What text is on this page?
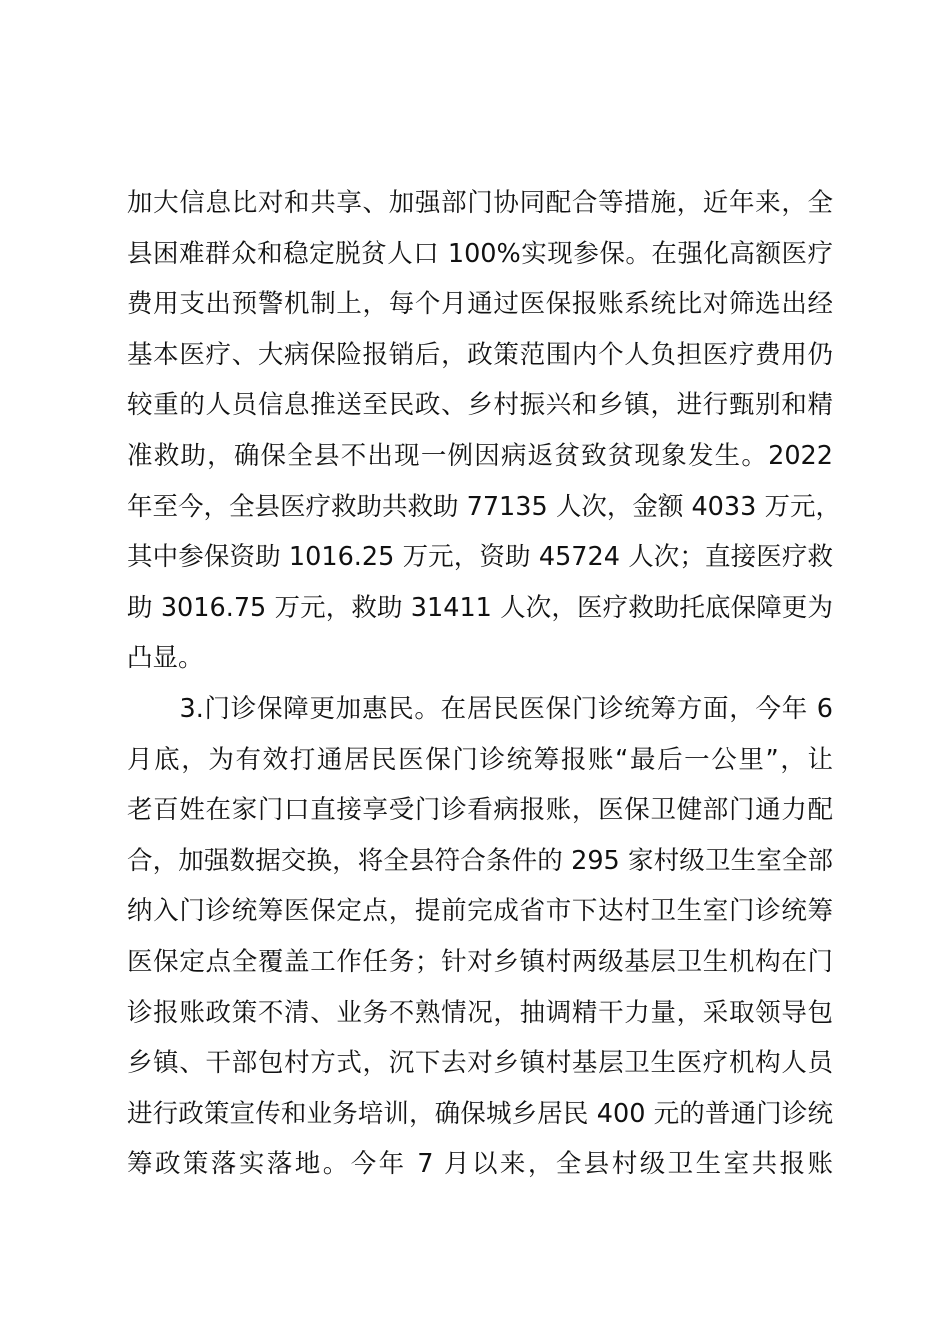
加大信息比对和共享、加强部门协同配合等措施，近年来，全
县困难群众和稳定脱贫人口 100%实现参保。在强化高额医疗
费用支出预警机制上，每个月通过医保报账系统比对筛选出经
基本医疗、大病保险报销后，政策范围内个人负担医疗费用仍
较重的人员信息推送至民政、乡村振兴和乡镇，进行甄别和精
准救助，确保全县不出现一例因病返贫致贫现象发生。2022
年至今，全县医疗救助共救助 77135 人次，金额 4033 万元，
其中参保资助 1016.25 万元，资助 45724 人次；直接医疗救
助 3016.75 万元，救助 31411 人次，医疗救助托底保障更为
凸显。
　　3.门诊保障更加惠民。在居民医保门诊统筹方面，今年 6
月底，为有效打通居民医保门诊统筹报账“最后一公里”，让
老百姓在家门口直接享受门诊看病报账，医保卫健部门通力配
合，加强数据交换，将全县符合条件的 295 家村级卫生室全部
纳入门诊统筹医保定点，提前完成省市下达村卫生室门诊统筹
医保定点全覆盖工作任务；针对乡镇村两级基层卫生机构在门
诊报账政策不清、业务不熟情况，抽调精干力量，采取领导包
乡镇、干部包村方式，沉下去对乡镇村基层卫生医疗机构人员
进行政策宣传和业务培训，确保城乡居民 400 元的普通门诊统
筹政策落实落地。今年 7 月以来，全县村级卫生室共报账
